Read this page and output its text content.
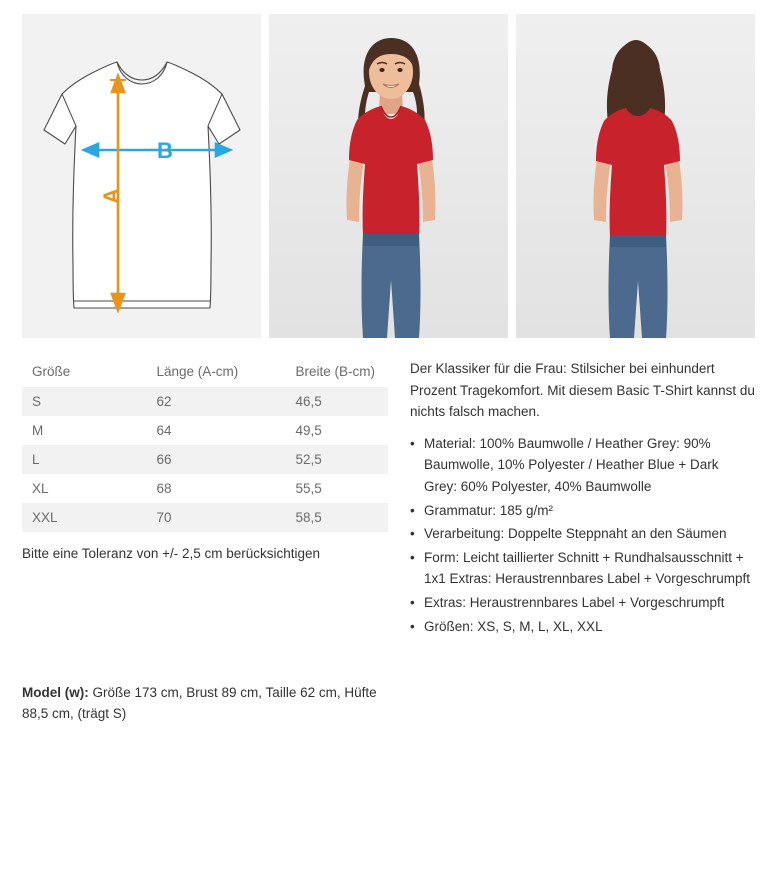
B
A
Größe	Länge (A-cm)	Breite (B-cm)
S	62	46,5
M	64	49,5
L	66	52,5
XL	68	55,5
XXL	70	58,5
Bitte eine Toleranz von +/- 2,5 cm berücksichtigen
Model (w): Größe 173 cm, Brust 89 cm, Taille 62 cm, Hüfte 88,5 cm, (trägt S)

Der Klassiker für die Frau: Stilsicher bei einhundert Prozent Tragekomfort. Mit diesem Basic T-Shirt kannst du nichts falsch machen.

• Material: 100% Baumwolle / Heather Grey: 90% Baumwolle, 10% Polyester / Heather Blue + Dark Grey: 60% Polyester, 40% Baumwolle
• Grammatur: 185 g/m²
• Verarbeitung: Doppelte Steppnaht an den Säumen
• Form: Leicht taillierter Schnitt + Rundhalsausschnitt + 1x1 Extras: Heraustrennbares Label + Vorgeschrumpft
• Extras: Heraustrennbares Label + Vorgeschrumpft
• Größen: XS, S, M, L, XL, XXL
